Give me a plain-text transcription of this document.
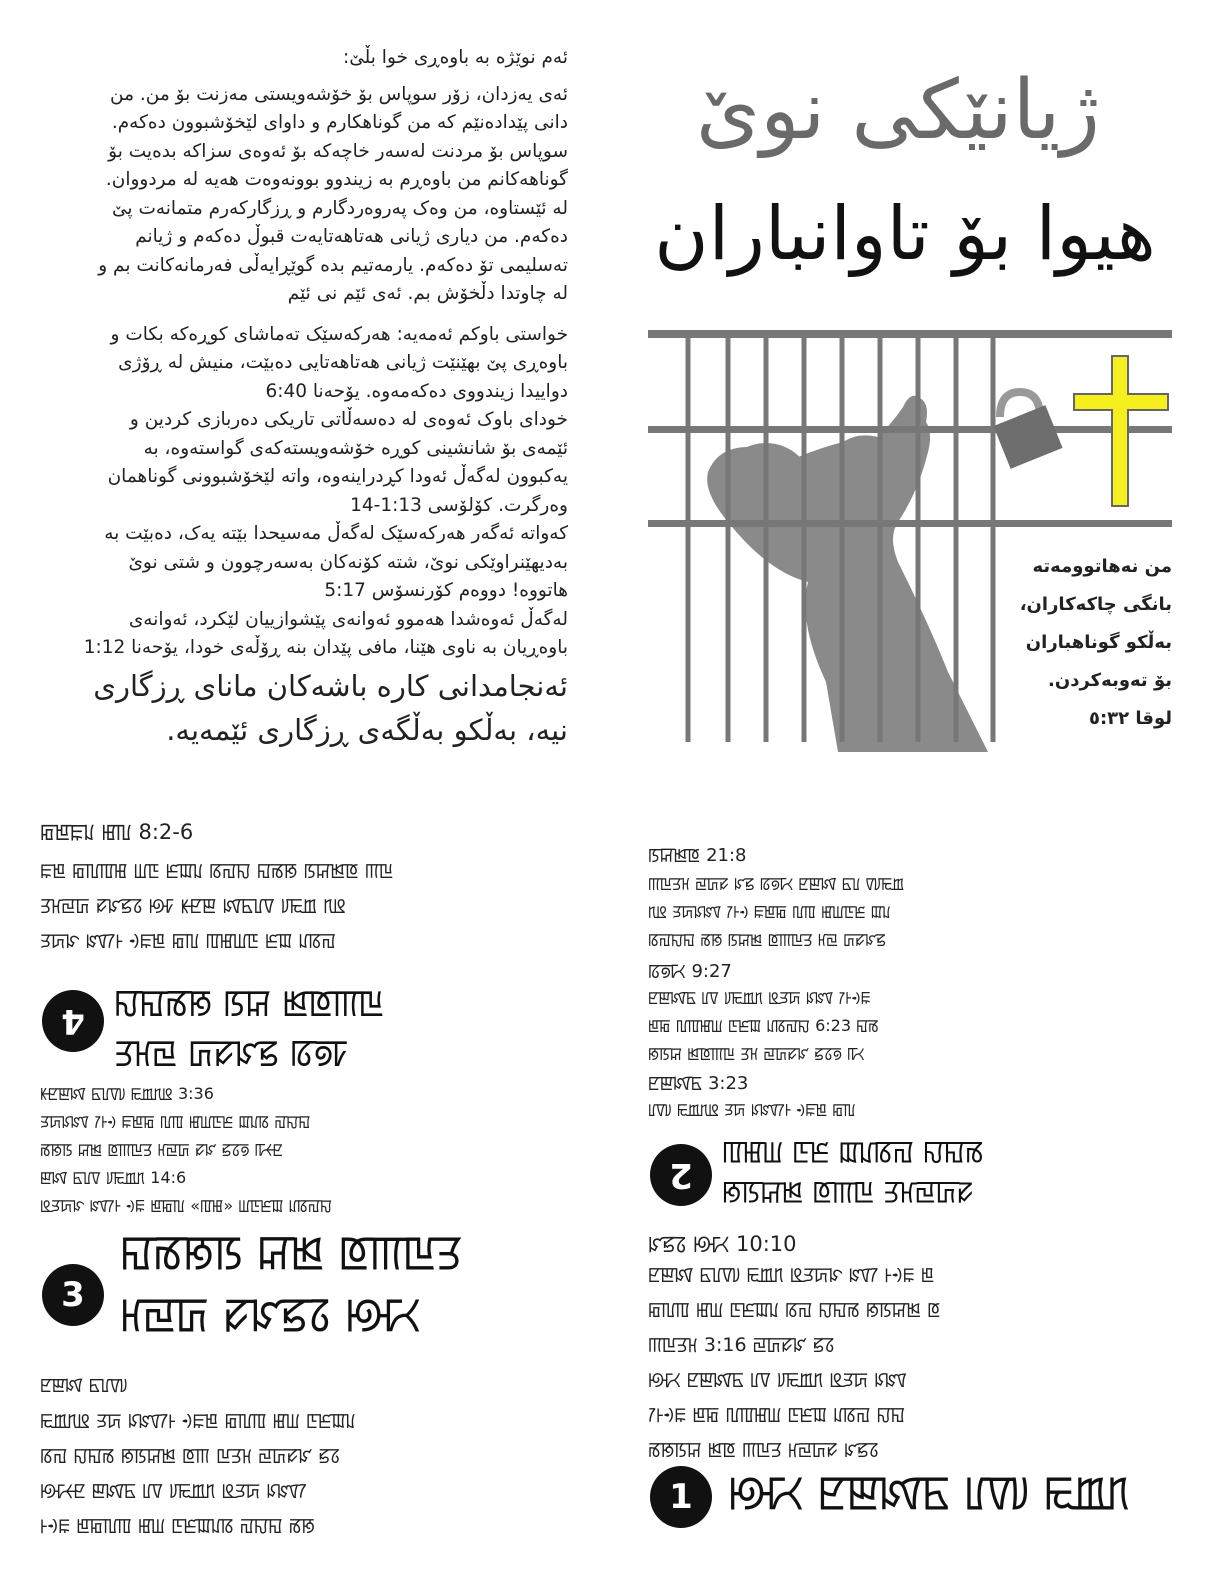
ئەم نوێژە بە باوەڕی خوا بڵێ:

ئەی یەزدان، زۆر سوپاس بۆ خۆشەویستی مەزنت بۆ من. من
دانی پێدادەنێم کە من گوناهکارم و داوای لێخۆشبوون دەکەم.
سوپاس بۆ مردنت لەسەر خاچەکە بۆ ئەوەی سزاکە بدەیت بۆ
گوناهەکانم من باوەڕم بە زیندوو بوونەوەت هەیە لە مردووان.
لە ئێستاوە، من وەک پەروەردگارم و ڕزگارکەرم متمانەت پێ
دەکەم. من دیاری ژیانی هەتاهەتایەت قبوڵ دەکەم و ژیانم
تەسلیمی تۆ دەکەم. یارمەتیم بدە گوێڕایەڵی فەرمانەکانت بم و
لە چاوتدا دڵخۆش بم. ئەی ئێم نی ئێم
خواستی باوکم ئەمەیە: هەرکەسێک تەماشای کوڕەکە بکات و
باوەڕی پێ بهێنێت ژیانی هەتاهەتایی دەبێت، منیش لە ڕۆژی
دواییدا زیندووی دەکەمەوە. یۆحەنا 6:40
خودای باوک ئەوەی لە دەسەڵاتی تاریکی دەربازی کردین و
ئێمەی بۆ شانشینی کوڕە خۆشەویستەکەی گواستەوە، بە
یەکبوون لەگەڵ ئەودا کڕدراینەوە، واتە لێخۆشبوونی گوناهمان
وەرگرت. کۆلۆسی 1:13-14
کەواتە ئەگەر هەرکەسێک لەگەڵ مەسیحدا بێتە یەک، دەبێت بە
بەدیهێنراوێکی نوێ، شتە کۆنەکان بەسەرچوون و شتی نوێ
هاتووە! دووەم کۆرنسۆس 5:17
لەگەڵ ئەوەشدا هەموو ئەوانەی پێشوازییان لێکرد، ئەوانەی
باوەڕیان بە ناوی هێنا، مافی پێدان بنە ڕۆڵەی خودا، یۆحەنا 1:12
ئەنجامدانی کارە باشەکان مانای ڕزگاری
نیە، بەڵکو بەڵگەی ڕزگاری ئێمەیە.
ژیانێکی نوێ
هیوا بۆ تاوانباران
من نەهاتوومەتە
بانگی چاکەکاران،
بەڵکو گوناهباران
بۆ تەوبەکردن.
لوقا ٥:٣٢
ꡂꡁꡀꡊ ꡅꡃ 8:2-6
ꡀꡁ ꡂꡃꡄꡅ ꡆꡇ ꡈꡉꡊ ꡋꡌꡍ ꡎꡏꡐ ꡑꡒꡓꡔ ꡕꡖ
ꡗꡘꡙꡚ ꡛꡜꡝꡞ ꡟꡠ ꡡꡢꡣ ꡤꡥꡦꡧ ꡨꡩꡪ ꡫꡬ
ꡭꡮꡯ ꡰꡱꡲ ꡳꡀꡁ ꡂꡃ ꡄꡅꡆꡇ ꡈꡉ ꡊꡋꡌ
4 ꡍꡎꡏꡐ ꡑꡒ ꡓꡔꡕꡖ
ꡗꡘꡙ ꡚꡛꡜꡝ ꡞꡟꡠ
ꡡꡢꡣꡤ ꡥꡦꡧꡨ ꡩꡪꡫꡬ 3:36
ꡭꡮꡯꡰ ꡱꡲꡳ ꡀꡁꡂ ꡃꡄ ꡅꡆꡇꡈ ꡉꡊꡋ ꡌꡍꡎ
ꡏꡐꡑ ꡒꡓ ꡔꡕꡖꡗ ꡘꡙꡚ ꡛꡜ ꡝꡞꡟ ꡠꡡꡢ
ꡣꡤ ꡥꡦꡧ ꡨꡩꡪꡫ 14:6
ꡬꡭꡮꡯ ꡰꡱꡲ ꡳꡀ ꡁꡂꡃ «ꡄꡅ» ꡆꡇꡈꡉ ꡊꡋꡌꡍ
3
ꡎꡏꡐꡑ ꡒꡓ ꡔꡕꡖꡗ
ꡘꡙꡚ ꡛꡜꡝꡞ ꡟꡠꡡ
ꡢꡣꡤ ꡥꡦꡧꡨ
ꡩꡪꡫꡬ ꡭꡮ ꡯꡰꡱꡲ ꡳꡀꡁ ꡂꡃꡄ ꡅꡆ ꡇꡈꡉꡊ
ꡋꡌ ꡍꡎꡏ ꡐꡑꡒꡓ ꡔꡕ ꡖꡗꡘ ꡙꡚꡛꡜ ꡝꡞ
ꡟꡠꡡꡢ ꡣꡤꡥ ꡦꡧ ꡨꡩꡪꡫ ꡬꡭꡮ ꡯꡰꡱ
ꡲꡳꡀ ꡁꡂꡃꡄ ꡅꡆ ꡇꡈꡉꡊꡋ ꡌꡍꡎ ꡏꡐ
ꡑꡒꡓꡔ 21:8
ꡕꡖꡗꡘ ꡙꡚꡛ ꡜꡝ ꡞꡟꡠꡡ ꡢꡣꡤ ꡥꡦ ꡧꡨꡩꡪ
ꡫꡬ ꡭꡮꡯꡰ ꡱꡲꡳ ꡀꡁꡂ ꡃꡄ ꡅꡆꡇꡈ ꡉꡊ
ꡋꡌꡍꡎ ꡏꡐ ꡑꡒꡓ ꡔꡕꡖꡗ ꡘꡙ ꡚꡛꡜꡝ
ꡞꡟꡠꡡ 9:27
ꡢꡣꡤꡥ ꡦꡧ ꡨꡩꡪꡫ ꡬꡭꡮ ꡯꡰ ꡱꡲꡳꡀ
ꡁꡂ ꡃꡄꡅꡆ ꡇꡈꡉ ꡊꡋꡌꡍ 6:23 ꡎꡏ
ꡐꡑꡒ ꡓꡔꡕꡖ ꡗꡘ ꡙꡚꡛꡜ ꡝꡞꡟ ꡠꡡ
ꡢꡣꡤꡥ 3:23
ꡦꡧꡨ ꡩꡪꡫꡬ ꡭꡮ ꡯꡰꡱꡲ ꡳꡀꡁ ꡂꡃ
2
ꡄꡅꡆ ꡇꡈ ꡉꡊꡋꡌ ꡍꡎꡏ
ꡐꡑꡒꡓ ꡔꡕꡖ ꡗꡘꡙꡚꡛ
ꡜꡝꡞ ꡟꡠꡡ 10:10
ꡢꡣꡤ ꡥꡦꡧꡨ ꡩꡪꡫ ꡬꡭꡮꡯ ꡰꡱ ꡲꡳꡀ ꡁ
ꡂꡃꡄ ꡅꡆ ꡇꡈꡉꡊ ꡋꡌ ꡍꡎꡏ ꡐꡑꡒꡓ ꡔ
ꡕꡖꡗꡘ 3:16 ꡙꡚꡛꡜ ꡝꡞ
ꡟꡠꡡ ꡢꡣꡤꡥ ꡦꡧ ꡨꡩꡪꡫ ꡬꡭꡮ ꡯꡰ
ꡱꡲꡳꡀ ꡁꡂ ꡃꡄꡅꡆ ꡇꡈꡉ ꡊꡋꡌ ꡍꡎ
ꡏꡐꡑꡒ ꡓꡔ ꡕꡖꡗ ꡘꡙꡚꡛ ꡜꡝꡞ
1 ꡟꡠꡡ ꡢꡣꡤꡥ ꡦꡧꡨ ꡩꡪꡫ
